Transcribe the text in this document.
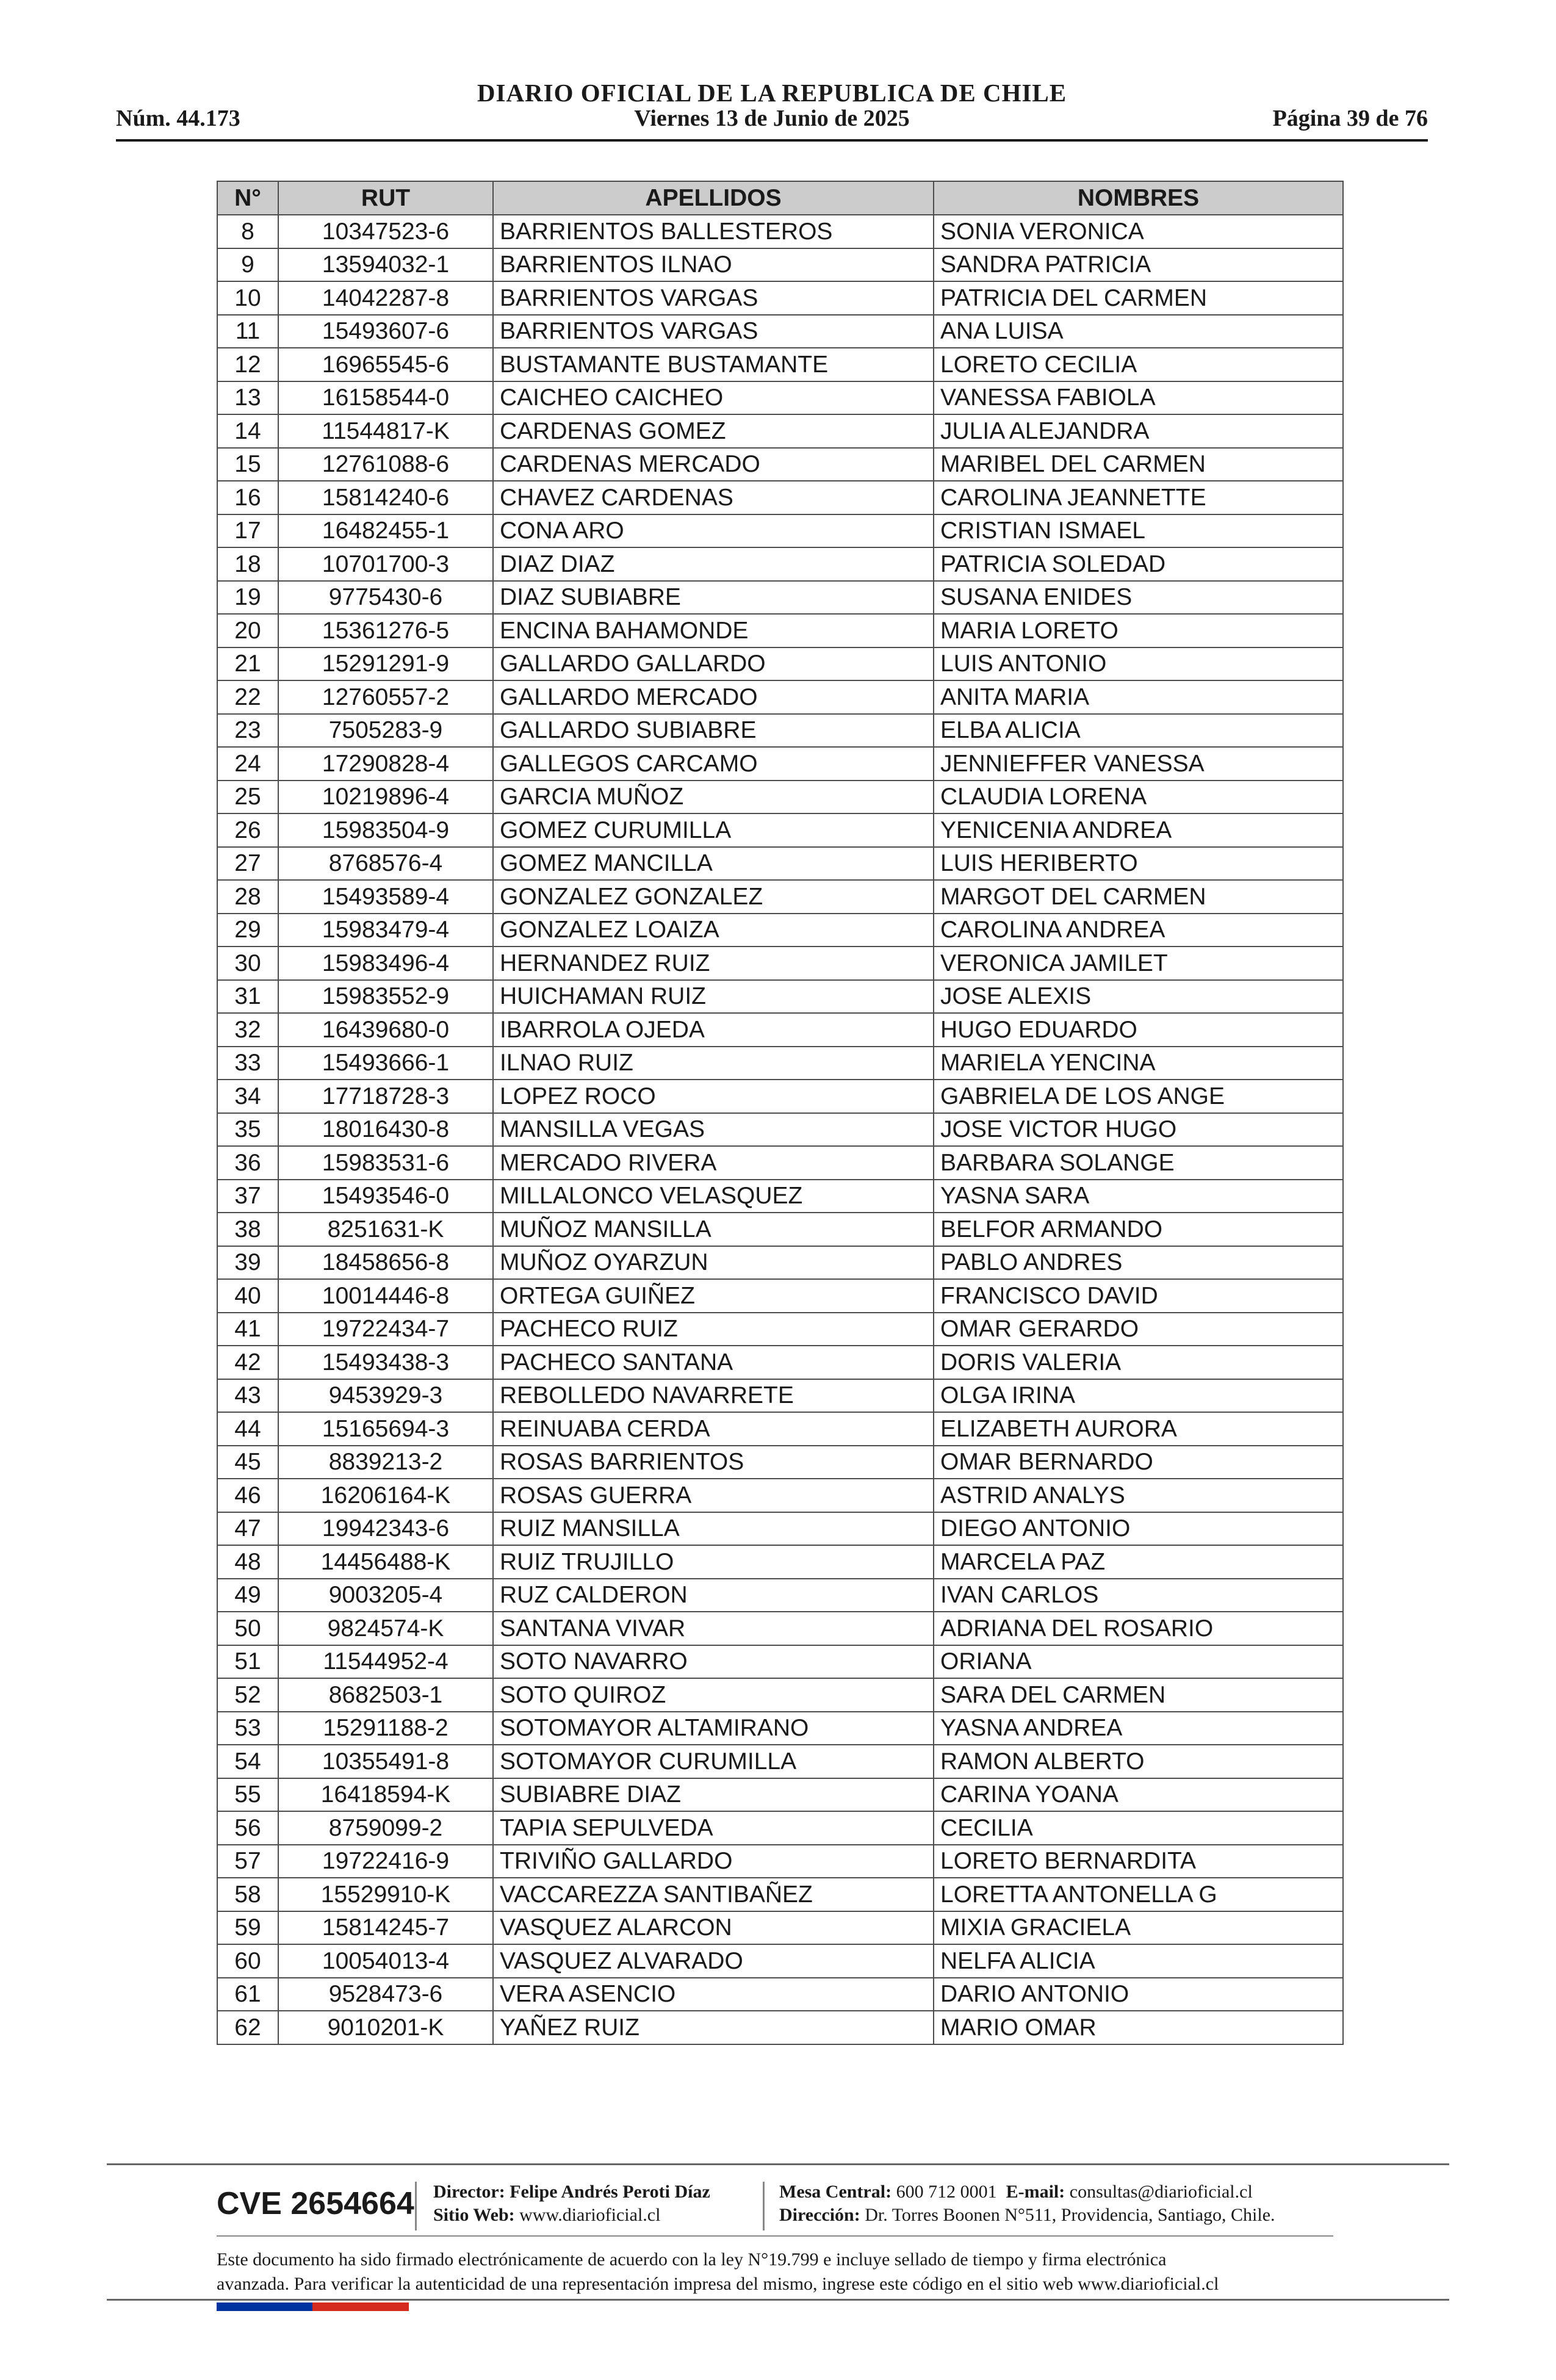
DIARIO OFICIAL DE LA REPUBLICA DE CHILE
Núm. 44.173	Viernes 13 de Junio de 2025	Página 39 de 76
N°	RUT	APELLIDOS	NOMBRES
8	10347523-6	BARRIENTOS BALLESTEROS	SONIA VERONICA
9	13594032-1	BARRIENTOS ILNAO	SANDRA PATRICIA
10	14042287-8	BARRIENTOS VARGAS	PATRICIA DEL CARMEN
11	15493607-6	BARRIENTOS VARGAS	ANA LUISA
12	16965545-6	BUSTAMANTE BUSTAMANTE	LORETO CECILIA
13	16158544-0	CAICHEO CAICHEO	VANESSA FABIOLA
14	11544817-K	CARDENAS GOMEZ	JULIA ALEJANDRA
15	12761088-6	CARDENAS MERCADO	MARIBEL DEL CARMEN
16	15814240-6	CHAVEZ CARDENAS	CAROLINA JEANNETTE
17	16482455-1	CONA ARO	CRISTIAN ISMAEL
18	10701700-3	DIAZ DIAZ	PATRICIA SOLEDAD
19	9775430-6	DIAZ SUBIABRE	SUSANA ENIDES
20	15361276-5	ENCINA BAHAMONDE	MARIA LORETO
21	15291291-9	GALLARDO GALLARDO	LUIS ANTONIO
22	12760557-2	GALLARDO MERCADO	ANITA MARIA
23	7505283-9	GALLARDO SUBIABRE	ELBA ALICIA
24	17290828-4	GALLEGOS CARCAMO	JENNIEFFER VANESSA
25	10219896-4	GARCIA MUÑOZ	CLAUDIA LORENA
26	15983504-9	GOMEZ CURUMILLA	YENICENIA ANDREA
27	8768576-4	GOMEZ MANCILLA	LUIS HERIBERTO
28	15493589-4	GONZALEZ GONZALEZ	MARGOT DEL CARMEN
29	15983479-4	GONZALEZ LOAIZA	CAROLINA ANDREA
30	15983496-4	HERNANDEZ RUIZ	VERONICA JAMILET
31	15983552-9	HUICHAMAN RUIZ	JOSE ALEXIS
32	16439680-0	IBARROLA OJEDA	HUGO EDUARDO
33	15493666-1	ILNAO RUIZ	MARIELA YENCINA
34	17718728-3	LOPEZ ROCO	GABRIELA DE LOS ANGE
35	18016430-8	MANSILLA VEGAS	JOSE VICTOR HUGO
36	15983531-6	MERCADO RIVERA	BARBARA SOLANGE
37	15493546-0	MILLALONCO VELASQUEZ	YASNA SARA
38	8251631-K	MUÑOZ MANSILLA	BELFOR ARMANDO
39	18458656-8	MUÑOZ OYARZUN	PABLO ANDRES
40	10014446-8	ORTEGA GUIÑEZ	FRANCISCO DAVID
41	19722434-7	PACHECO RUIZ	OMAR GERARDO
42	15493438-3	PACHECO SANTANA	DORIS VALERIA
43	9453929-3	REBOLLEDO NAVARRETE	OLGA IRINA
44	15165694-3	REINUABA CERDA	ELIZABETH AURORA
45	8839213-2	ROSAS BARRIENTOS	OMAR BERNARDO
46	16206164-K	ROSAS GUERRA	ASTRID ANALYS
47	19942343-6	RUIZ MANSILLA	DIEGO ANTONIO
48	14456488-K	RUIZ TRUJILLO	MARCELA PAZ
49	9003205-4	RUZ CALDERON	IVAN CARLOS
50	9824574-K	SANTANA VIVAR	ADRIANA DEL ROSARIO
51	11544952-4	SOTO NAVARRO	ORIANA
52	8682503-1	SOTO QUIROZ	SARA DEL CARMEN
53	15291188-2	SOTOMAYOR ALTAMIRANO	YASNA ANDREA
54	10355491-8	SOTOMAYOR CURUMILLA	RAMON ALBERTO
55	16418594-K	SUBIABRE DIAZ	CARINA YOANA
56	8759099-2	TAPIA SEPULVEDA	CECILIA
57	19722416-9	TRIVIÑO GALLARDO	LORETO BERNARDITA
58	15529910-K	VACCAREZZA SANTIBAÑEZ	LORETTA ANTONELLA G
59	15814245-7	VASQUEZ ALARCON	MIXIA GRACIELA
60	10054013-4	VASQUEZ ALVARADO	NELFA ALICIA
61	9528473-6	VERA ASENCIO	DARIO ANTONIO
62	9010201-K	YAÑEZ RUIZ	MARIO OMAR
CVE 2654664 Director: Felipe Andrés Peroti Díaz
Sitio Web: www.diarioficial.cl
Mesa Central: 600 712 0001 E-mail: consultas@diarioficial.cl
Dirección: Dr. Torres Boonen N°511, Providencia, Santiago, Chile.
Este documento ha sido firmado electrónicamente de acuerdo con la ley N°19.799 e incluye sellado de tiempo y firma electrónica
avanzada. Para verificar la autenticidad de una representación impresa del mismo, ingrese este código en el sitio web www.diarioficial.cl
